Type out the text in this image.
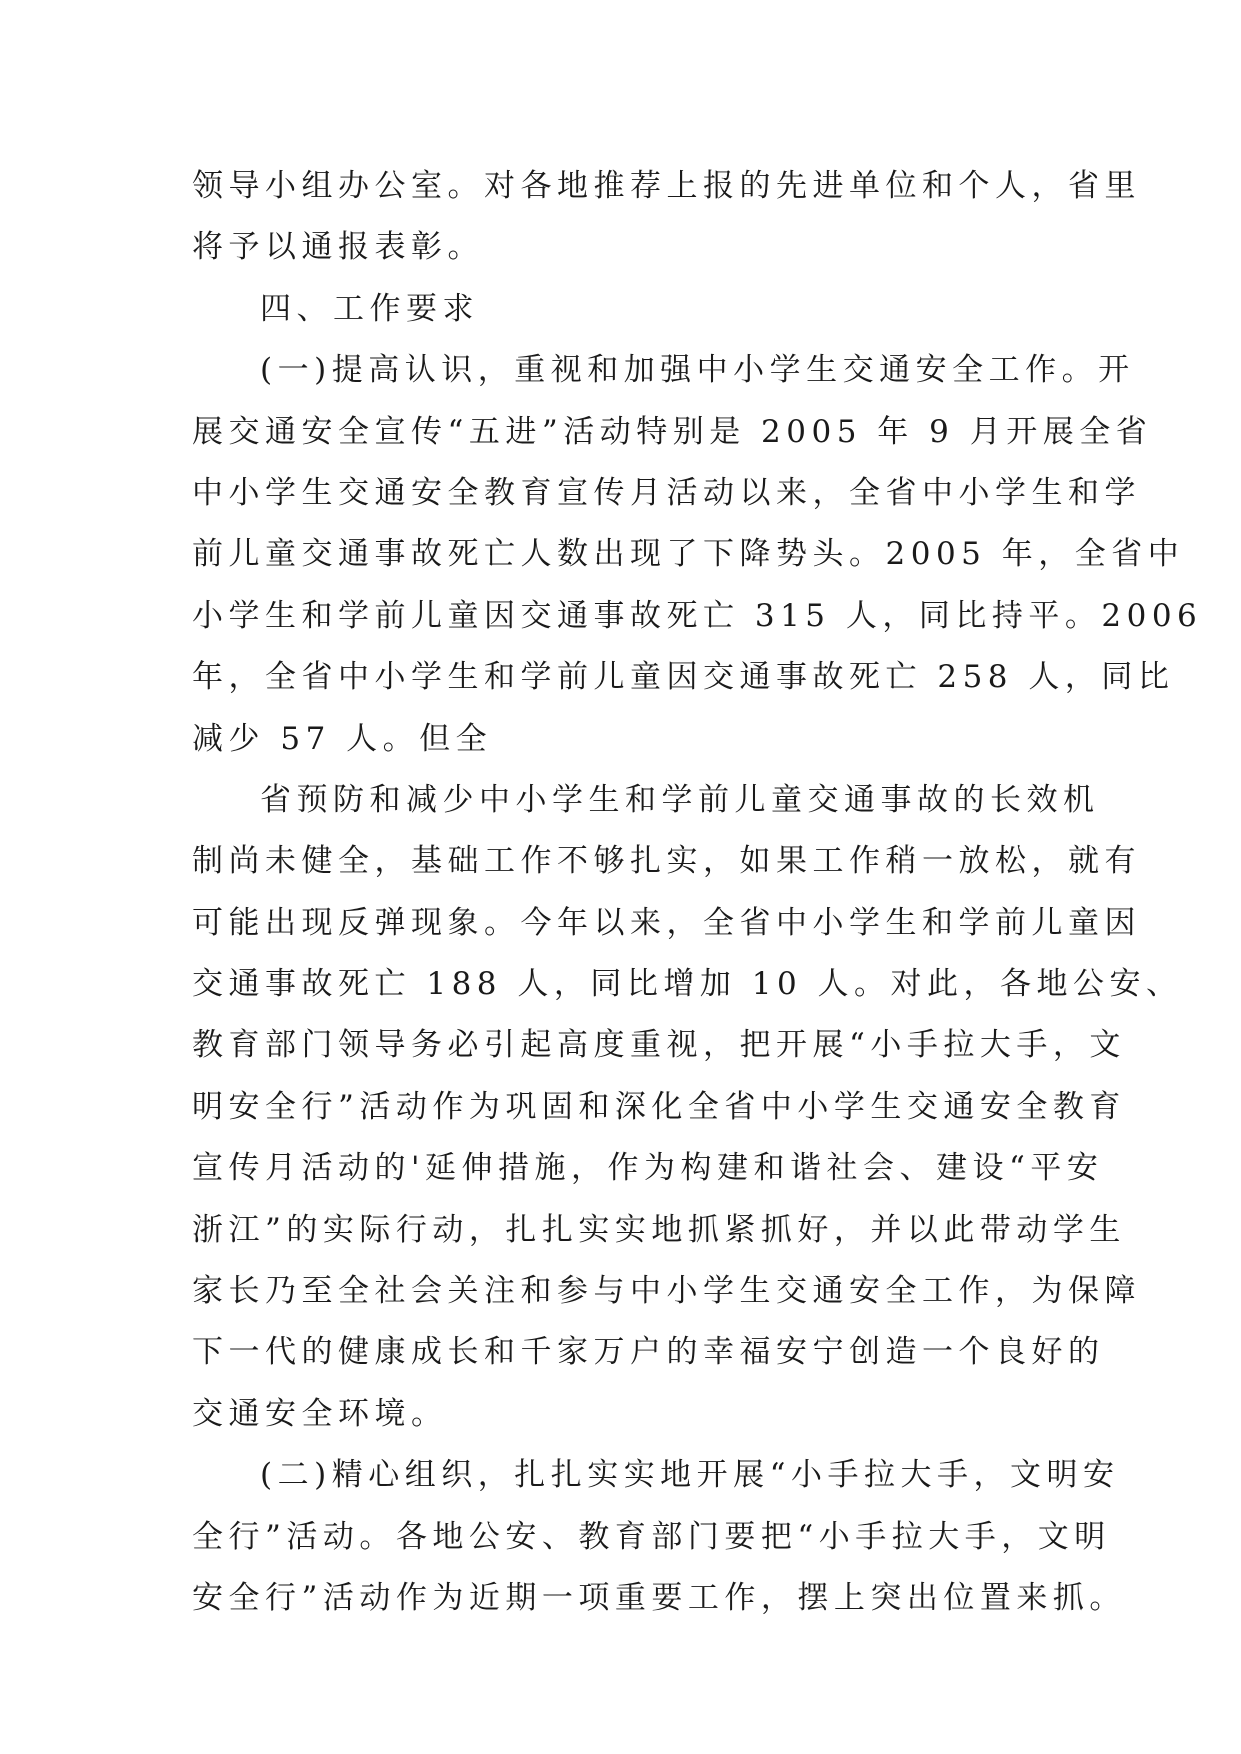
领导小组办公室。对各地推荐上报的先进单位和个人，省里
将予以通报表彰。
四、工作要求
(一)提高认识，重视和加强中小学生交通安全工作。开
展交通安全宣传“五进”活动特别是 2005 年 9 月开展全省
中小学生交通安全教育宣传月活动以来，全省中小学生和学
前儿童交通事故死亡人数出现了下降势头。2005 年，全省中
小学生和学前儿童因交通事故死亡 315 人，同比持平。2006
年，全省中小学生和学前儿童因交通事故死亡 258 人，同比
减少 57 人。但全
省预防和减少中小学生和学前儿童交通事故的长效机
制尚未健全，基础工作不够扎实，如果工作稍一放松，就有
可能出现反弹现象。今年以来，全省中小学生和学前儿童因
交通事故死亡 188 人，同比增加 10 人。对此，各地公安、
教育部门领导务必引起高度重视，把开展“小手拉大手，文
明安全行”活动作为巩固和深化全省中小学生交通安全教育
宣传月活动的'延伸措施，作为构建和谐社会、建设“平安
浙江”的实际行动，扎扎实实地抓紧抓好，并以此带动学生
家长乃至全社会关注和参与中小学生交通安全工作，为保障
下一代的健康成长和千家万户的幸福安宁创造一个良好的
交通安全环境。
(二)精心组织，扎扎实实地开展“小手拉大手，文明安
全行”活动。各地公安、教育部门要把“小手拉大手，文明
安全行”活动作为近期一项重要工作，摆上突出位置来抓。
